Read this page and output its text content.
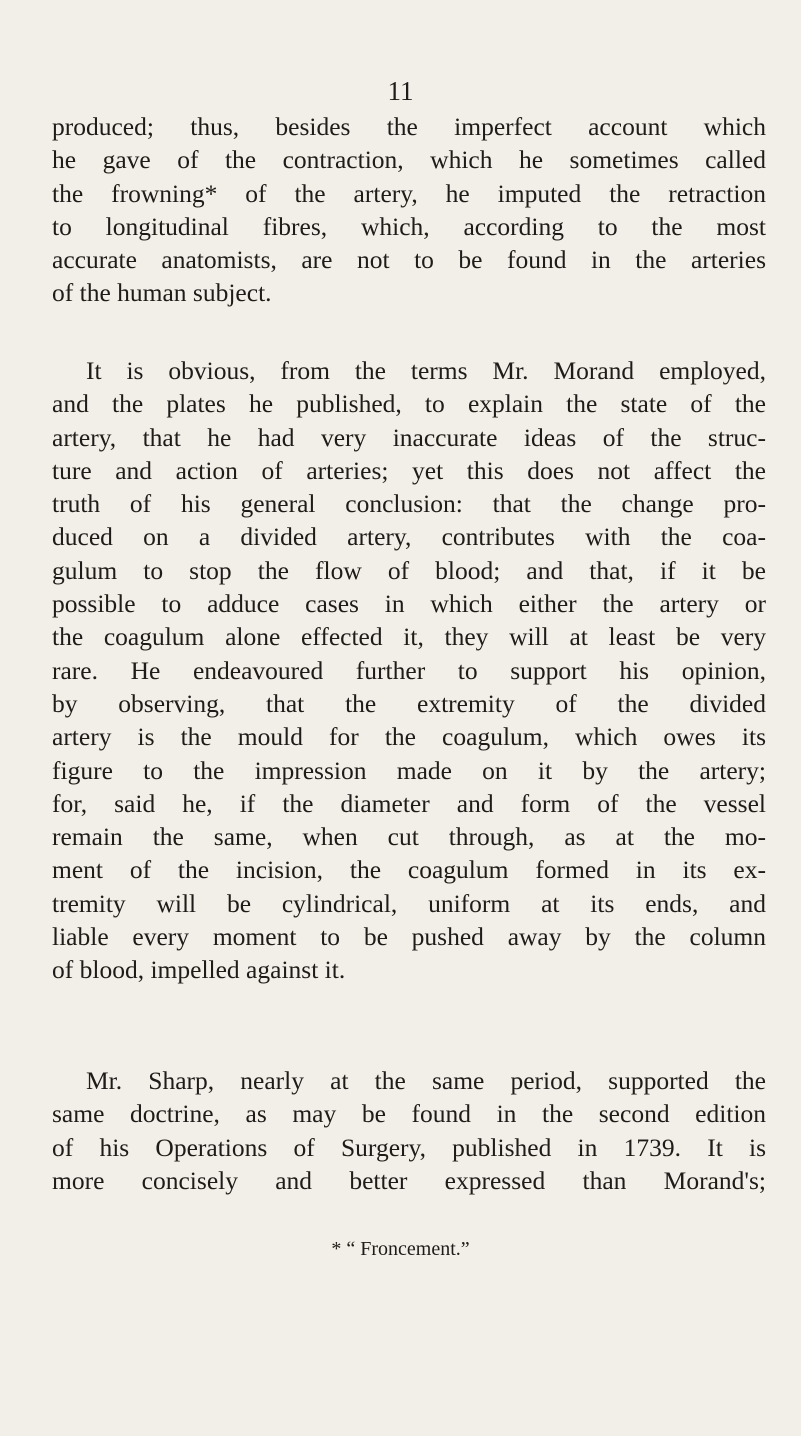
11
produced; thus, besides the imperfect account which
he gave of the contraction, which he sometimes called
the frowning* of the artery, he imputed the retraction
to longitudinal fibres, which, according to the most
accurate anatomists, are not to be found in the arteries
of the human subject.
It is obvious, from the terms Mr. Morand employed,
and the plates he published, to explain the state of the
artery, that he had very inaccurate ideas of the struc-
ture and action of arteries; yet this does not affect the
truth of his general conclusion: that the change pro-
duced on a divided artery, contributes with the coa-
gulum to stop the flow of blood; and that, if it be
possible to adduce cases in which either the artery or
the coagulum alone effected it, they will at least be very
rare. He endeavoured further to support his opinion,
by observing, that the extremity of the divided
artery is the mould for the coagulum, which owes its
figure to the impression made on it by the artery;
for, said he, if the diameter and form of the vessel
remain the same, when cut through, as at the mo-
ment of the incision, the coagulum formed in its ex-
tremity will be cylindrical, uniform at its ends, and
liable every moment to be pushed away by the column
of blood, impelled against it.
Mr. Sharp, nearly at the same period, supported the
same doctrine, as may be found in the second edition
of his Operations of Surgery, published in 1739. It is
more concisely and better expressed than Morand's;
* “ Froncement.”
